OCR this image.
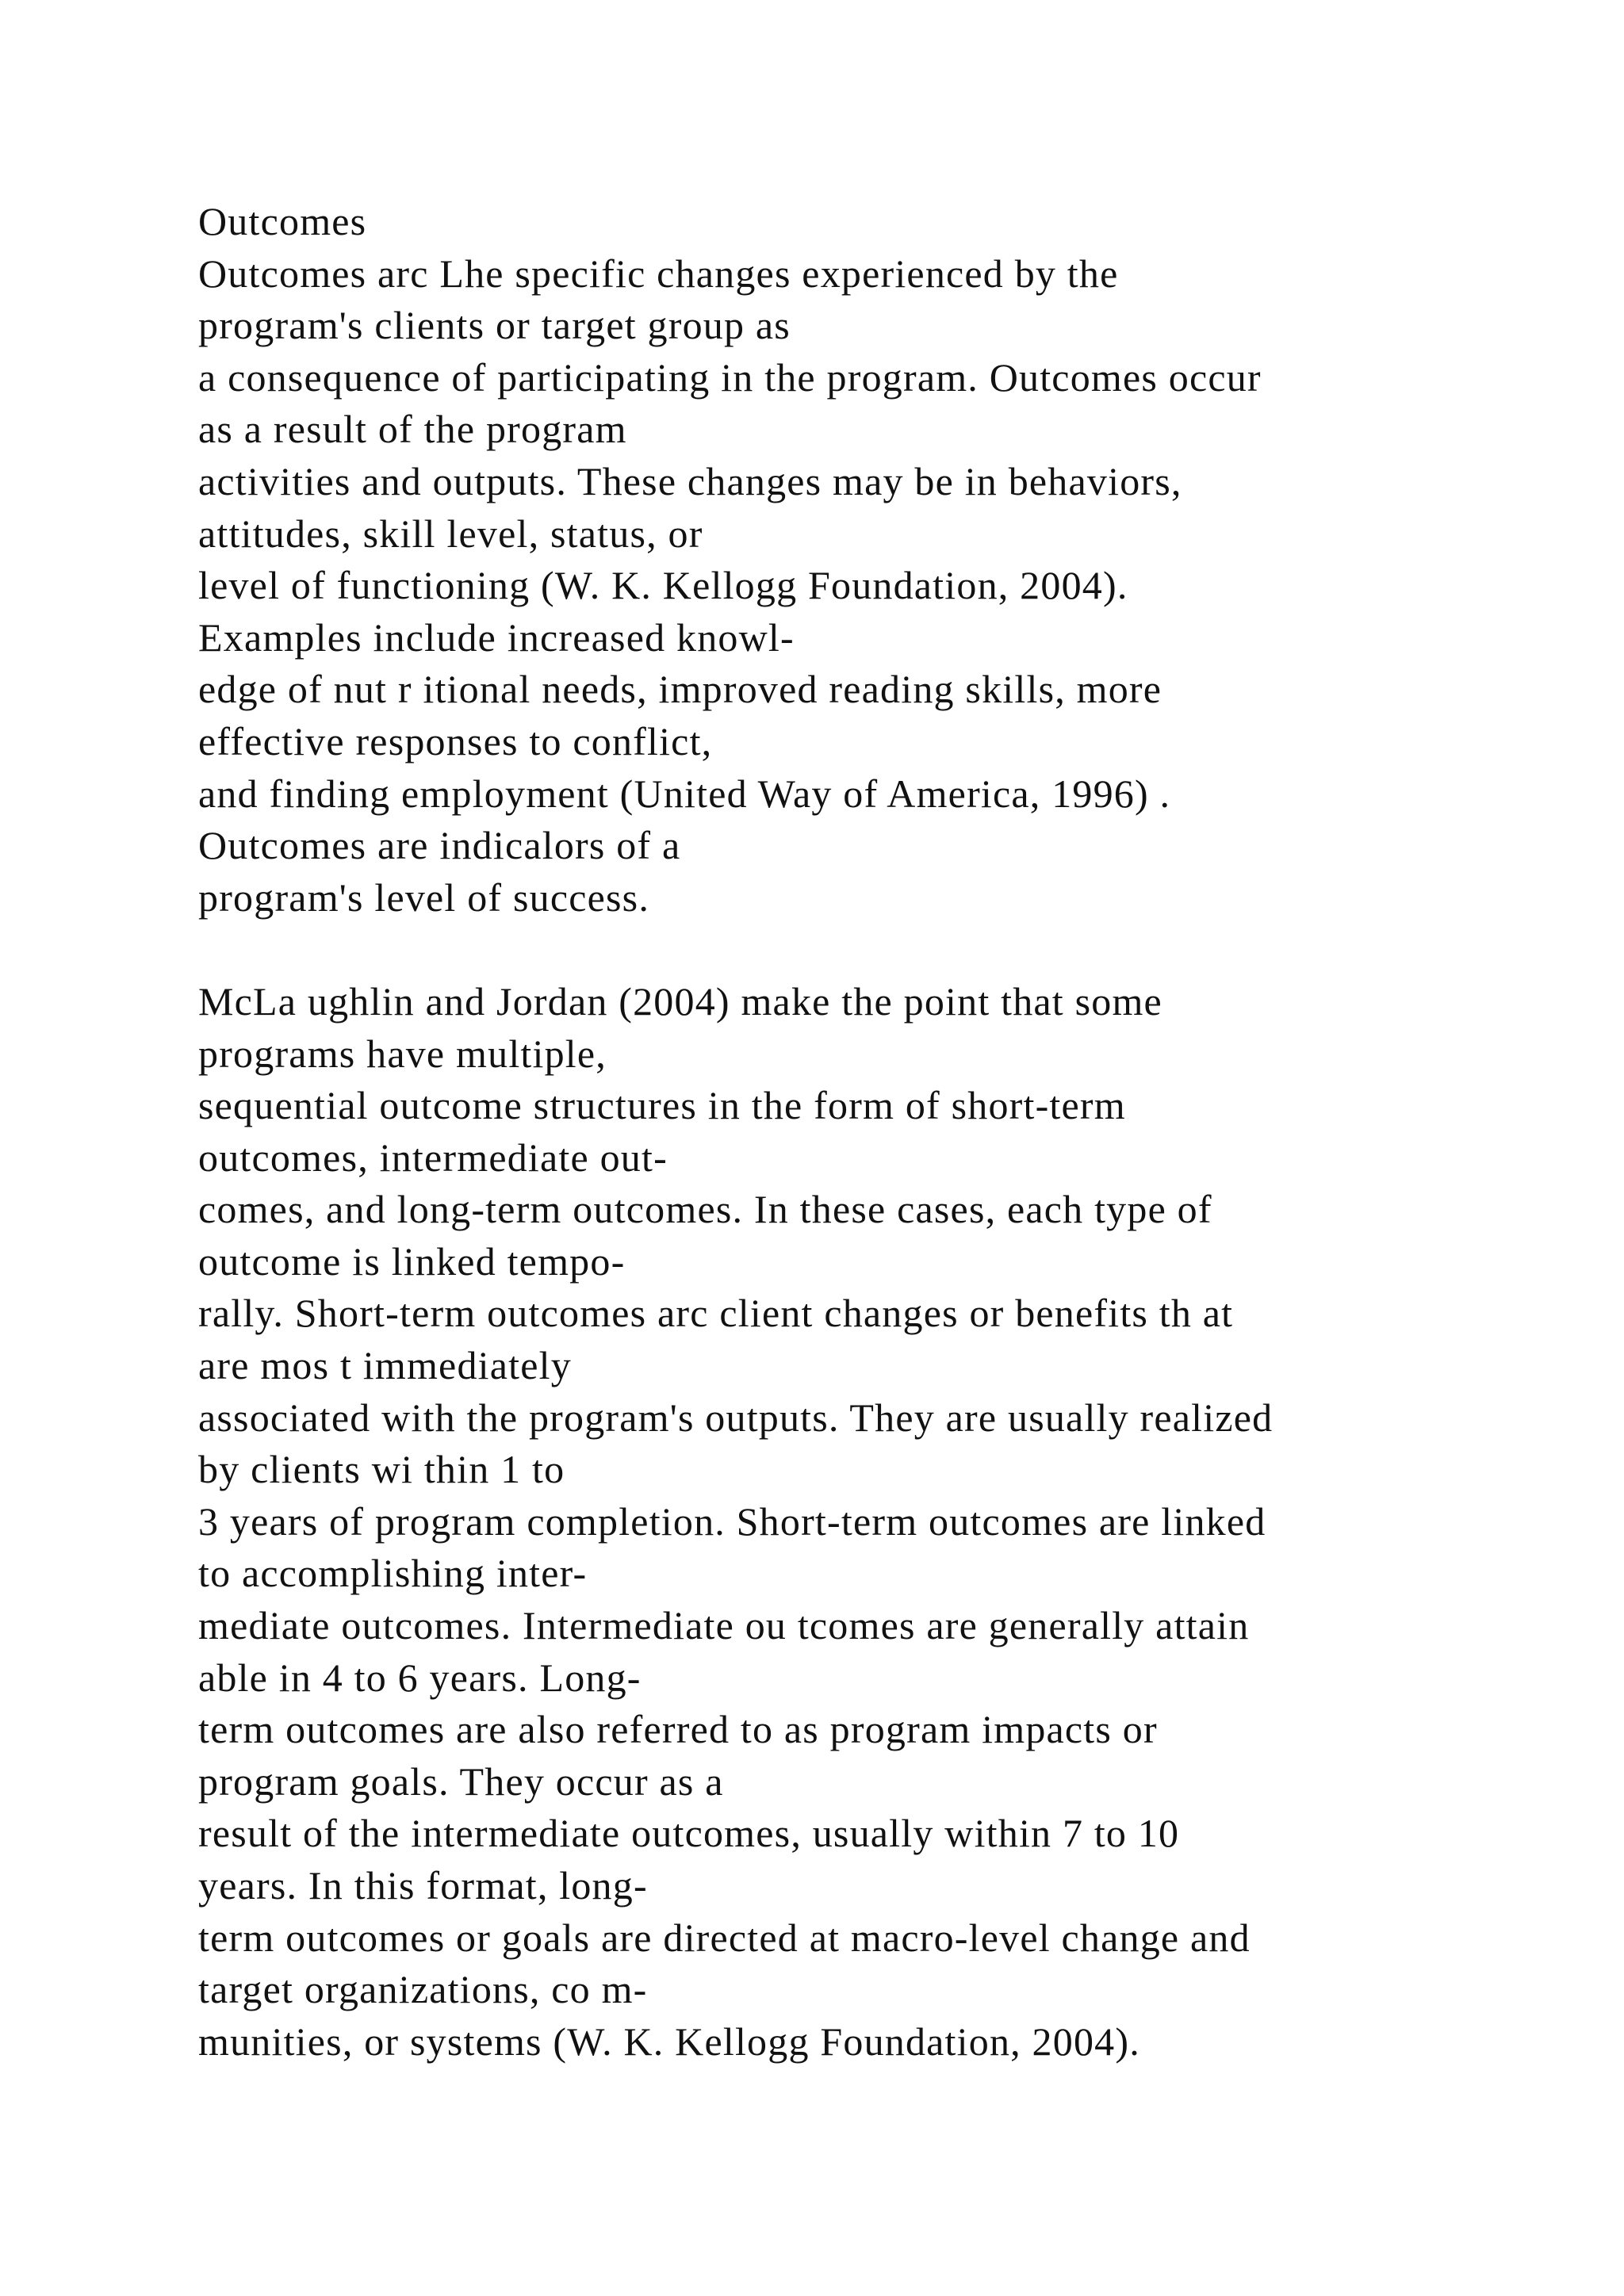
Outcomes
Outcomes arc Lhe specific changes experienced by the
program's clients or target group as
a consequence of participating in the program. Outcomes occur
as a result of the program
activities and outputs. These changes may be in behaviors,
attitudes, skill level, status, or
level of functioning (W. K. Kellogg Foundation, 2004).
Examples include increased knowl-
edge of nut r itional needs, improved reading skills, more
effective responses to conflict,
and finding employment (United Way of America, 1996) .
Outcomes are indicalors of a
program's level of success.
McLa ughlin and Jordan (2004) make the point that some
programs have multiple,
sequential outcome structures in the form of short-term
outcomes, intermediate out-
comes, and long-term outcomes. In these cases, each type of
outcome is linked tempo-
rally. Short-term outcomes arc client changes or benefits th at
are mos t immediately
associated with the program's outputs. They are usually realized
by clients wi thin 1 to
3 years of program completion. Short-term outcomes are linked
to accomplishing inter-
mediate outcomes. Intermediate ou tcomes are generally attain
able in 4 to 6 years. Long-
term outcomes are also referred to as program impacts or
program goals. They occur as a
result of the intermediate outcomes, usually within 7 to 10
years. In this format, long-
term outcomes or goals are directed at macro-level change and
target organizations, co m-
munities, or systems (W. K. Kellogg Foundation, 2004).
